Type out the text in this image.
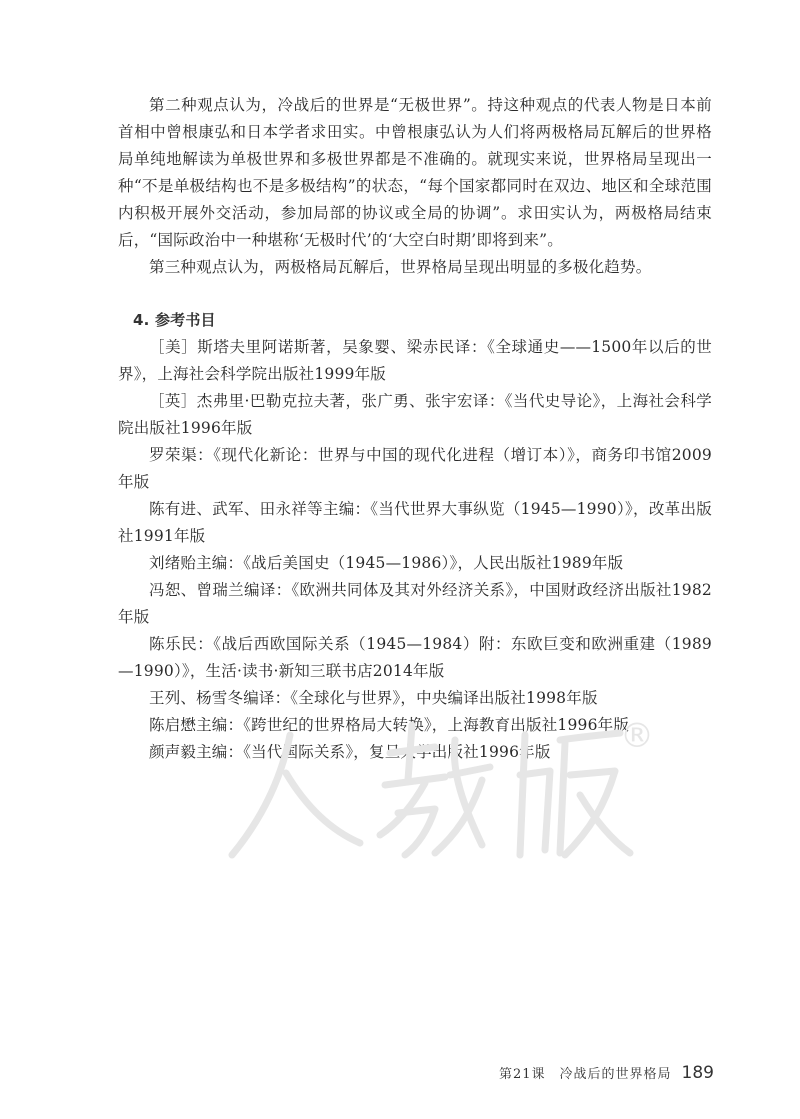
第二种观点认为，冷战后的世界是“无极世界”。持这种观点的代表人物是日本前首相中曾根康弘和日本学者求田实。中曾根康弘认为人们将两极格局瓦解后的世界格局单纯地解读为单极世界和多极世界都是不准确的。就现实来说，世界格局呈现出一种“不是单极结构也不是多极结构”的状态，“每个国家都同时在双边、地区和全球范围内积极开展外交活动，参加局部的协议或全局的协调”。求田实认为，两极格局结束后，“国际政治中一种堪称‘无极时代’的‘大空白时期’即将到来”。

第三种观点认为，两极格局瓦解后，世界格局呈现出明显的多极化趋势。

4. 参考书目

［美］斯塔夫里阿诺斯著，吴象婴、梁赤民译：《全球通史——1500年以后的世界》，上海社会科学院出版社1999年版
［英］杰弗里·巴勒克拉夫著，张广勇、张宇宏译：《当代史导论》，上海社会科学院出版社1996年版
罗荣渠：《现代化新论：世界与中国的现代化进程（增订本）》，商务印书馆2009年版
陈有进、武军、田永祥等主编：《当代世界大事纵览（1945—1990）》，改革出版社1991年版
刘绪贻主编：《战后美国史（1945—1986）》，人民出版社1989年版
冯恕、曾瑞兰编译：《欧洲共同体及其对外经济关系》，中国财政经济出版社1982年版
陈乐民：《战后西欧国际关系（1945—1984）附：东欧巨变和欧洲重建（1989—1990）》，生活·读书·新知三联书店2014年版
王列、杨雪冬编译：《全球化与世界》，中央编译出版社1998年版
陈启懋主编：《跨世纪的世界格局大转换》，上海教育出版社1996年版
颜声毅主编：《当代国际关系》，复旦大学出版社1996年版	®
第21课　冷战后的世界格局 189
